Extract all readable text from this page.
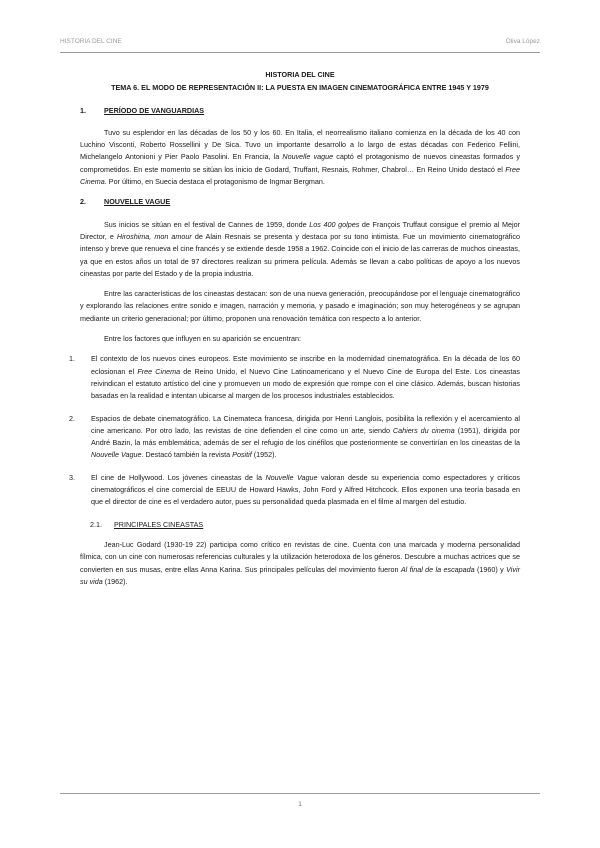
HISTORIA DEL CINE	Oliva López
HISTORIA DEL CINE
TEMA 6. EL MODO DE REPRESENTACIÓN II: LA PUESTA EN IMAGEN CINEMATOGRÁFICA ENTRE 1945 Y 1979
1.	PERÍODO DE VANGUARDIAS

Tuvo su esplendor en las décadas de los 50 y los 60. En Italia, el neorrealismo italiano comienza en la década de los 40 con Luchino Visconti, Roberto Rossellini y De Sica. Tuvo un importante desarrollo a lo largo de estas décadas con Federico Fellini, Michelangelo Antonioni y Pier Paolo Pasolini. En Francia, la Nouvelle vague captó el protagonismo de nuevos cineastas formados y comprometidos. En este momento se sitúan los inicio de Godard, Truffant, Resnais, Rohmer, Chabrol… En Reino Unido destacó el Free Cinema. Por último, en Suecia destaca el protagonismo de Ingmar Bergman.

2.	NOUVELLE VAGUE

Sus inicios se sitúan en el festival de Cannes de 1959, donde Los 400 golpes de François Truffaut consigue el premio al Mejor Director, e Hiroshima, mon amour de Alain Resnais se presenta y destaca por su tono intimista. Fue un movimiento cinematográfico intenso y breve que renueva el cine francés y se extiende desde 1958 a 1962. Coincide con el inicio de las carreras de muchos cineastas, ya que en estos años un total de 97 directores realizan su primera película. Además se llevan a cabo políticas de apoyo a los nuevos cineastas por parte del Estado y de la propia industria.

Entre las características de los cineastas destacan: son de una nueva generación, preocupándose por el lenguaje cinematográfico y explorando las relaciones entre sonido e imagen, narración y memoria, y pasado e imaginación; son muy heterogéneos y se agrupan mediante un criterio generacional; por último, proponen una renovación temática con respecto a lo anterior.

Entre los factores que influyen en su aparición se encuentran:

1. El contexto de los nuevos cines europeos. Este movimiento se inscribe en la modernidad cinematográfica. En la década de los 60 eclosionan el Free Cinema de Reino Unido, el Nuevo Cine Latinoamericano y el Nuevo Cine de Europa del Este. Los cineastas reivindican el estatuto artístico del cine y promueven un modo de expresión que rompe con el cine clásico. Además, buscan historias basadas en la realidad e intentan ubicarse al margen de los procesos industriales establecidos.
2. Espacios de debate cinematográfico. La Cinemateca francesa, dirigida por Henri Langlois, posibilita la reflexión y el acercamiento al cine americano. Por otro lado, las revistas de cine defienden el cine como un arte, siendo Cahiers du cinema (1951), dirigida por André Bazin, la más emblemática, además de ser el refugio de los cinéfilos que posteriormente se convertirían en los cineastas de la Nouvelle Vague. Destacó también la revista Positif (1952).
3. El cine de Hollywood. Los jóvenes cineastas de la Nouvelle Vague valoran desde su experiencia como espectadores y críticos cinematográficos el cine comercial de EEUU de Howard Hawks, John Ford y Alfred Hitchcock. Ellos exponen una teoría basada en que el director de cine es el verdadero autor, pues su personalidad queda plasmada en el filme al margen del estudio.
2.1. PRINCIPALES CINEASTAS

Jean-Luc Godard (1930-19 22) participa como crítico en revistas de cine. Cuenta con una marcada y moderna personalidad fílmica, con un cine con numerosas referencias culturales y la utilización heterodoxa de los géneros. Descubre a muchas actrices que se convierten en sus musas, entre ellas Anna Karina. Sus principales películas del movimiento fueron Al final de la escapada (1960) y Vivir su vida (1962).

1
